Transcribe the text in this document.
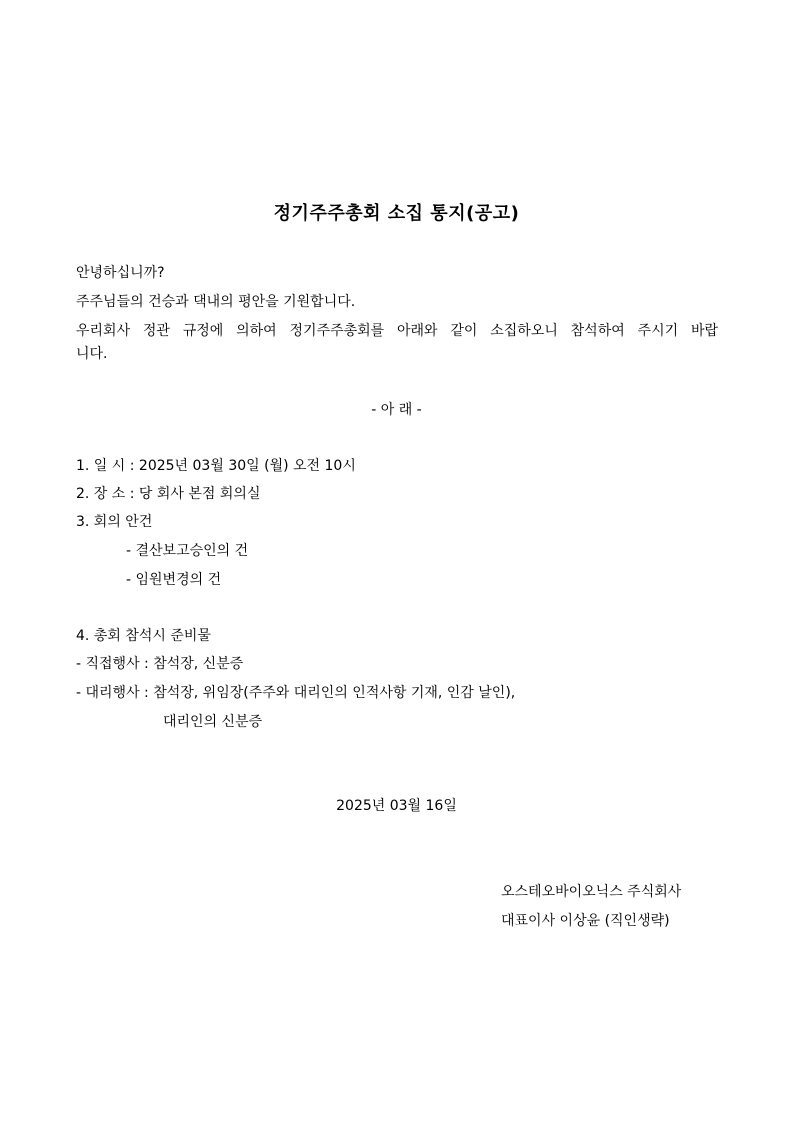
정기주주총회 소집 통지(공고)
안녕하십니까?
주주님들의 건승과 댁내의 평안을 기원합니다.
우리회사 정관 규정에 의하여 정기주주총회를 아래와 같이 소집하오니 참석하여 주시기 바랍
니다.
- 아 래 -
1. 일 시 : 2025년 03월 30일 (월) 오전 10시
2. 장 소 : 당 회사 본점 회의실
3. 회의 안건
- 결산보고승인의 건
- 임원변경의 건
4. 총회 참석시 준비물
- 직접행사 : 참석장, 신분증
- 대리행사 : 참석장, 위임장(주주와 대리인의 인적사항 기재, 인감 날인),
대리인의 신분증
2025년 03월 16일
오스테오바이오닉스 주식회사
대표이사 이상윤 (직인생략)
